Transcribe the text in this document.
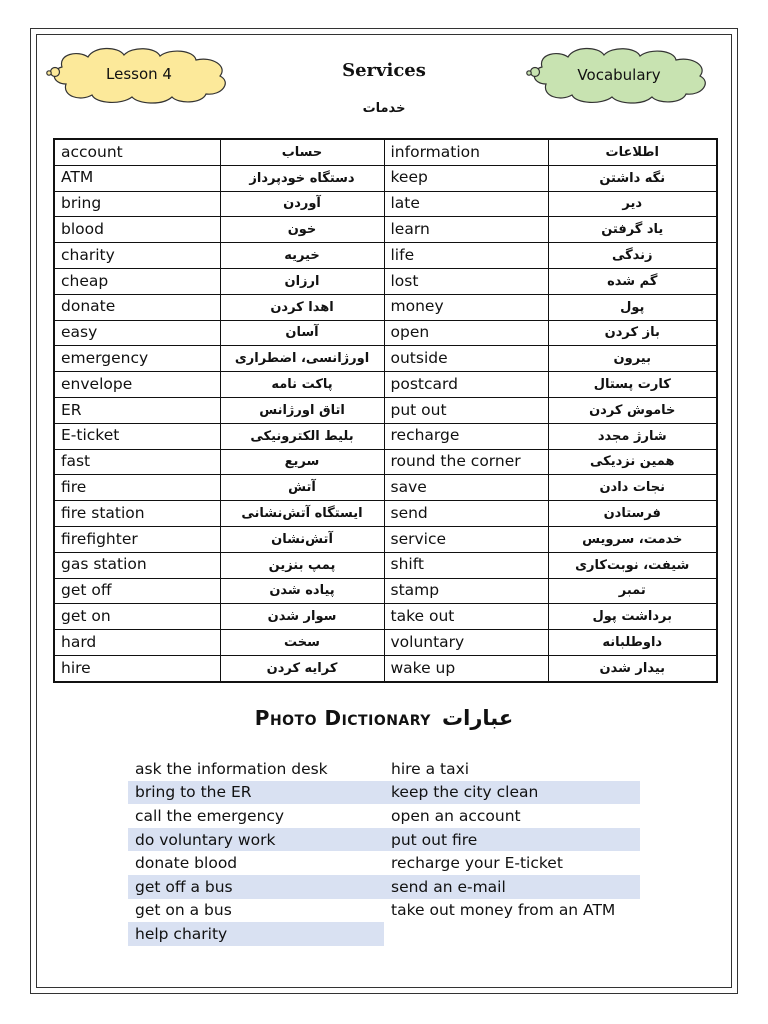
Lesson 4	Vocabulary
Services
خدمات
account	حساب	information	اطلاعات
ATM	دستگاه خودپرداز	keep	نگه داشتن
bring	آوردن	late	دیر
blood	خون	learn	یاد گرفتن
charity	خیریه	life	زندگی
cheap	ارزان	lost	گم شده
donate	اهدا کردن	money	پول
easy	آسان	open	باز کردن
emergency	اورژانسی، اضطراری	outside	بیرون
envelope	پاکت نامه	postcard	کارت پستال
ER	اتاق اورژانس	put out	خاموش کردن
E-ticket	بلیط الکترونیکی	recharge	شارژ مجدد
fast	سریع	round the corner	همین نزدیکی
fire	آتش	save	نجات دادن
fire station	ایستگاه آتش‌نشانی	send	فرستادن
firefighter	آتش‌نشان	service	خدمت، سرویس
gas station	پمپ بنزین	shift	شیفت، نوبت‌کاری
get off	پیاده شدن	stamp	تمبر
get on	سوار شدن	take out	برداشت پول
hard	سخت	voluntary	داوطلبانه
hire	کرایه کردن	wake up	بیدار شدن
Photo Dictionary عبارات
ask the information desk	hire a taxi
bring to the ER	keep the city clean
call the emergency	open an account
do voluntary work	put out fire
donate blood	recharge your E-ticket
get off a bus	send an e-mail
get on a bus	take out money from an ATM
help charity
